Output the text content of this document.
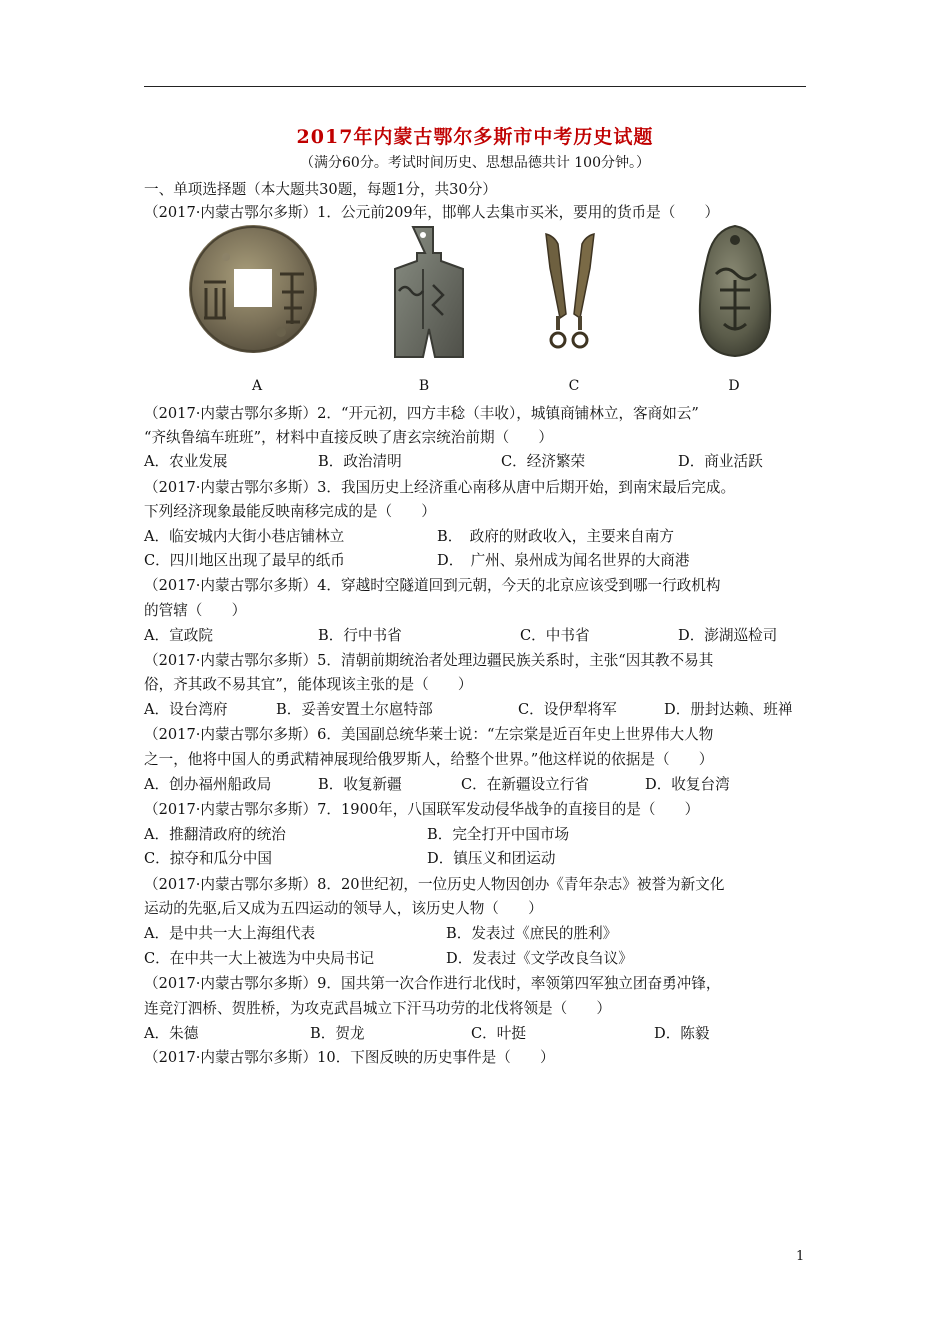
2017年内蒙古鄂尔多斯市中考历史试题
（满分60分。考试时间历史、思想品德共计 100分钟。）
一、单项选择题（本大题共30题，每题1分，共30分）
（2017·内蒙古鄂尔多斯）1．公元前209年，邯郸人去集市买米，要用的货币是（　　）
A	B	C	D
（2017·内蒙古鄂尔多斯）2．“开元初，四方丰稔（丰收），城镇商铺林立，客商如云”
“齐纨鲁缟车班班”，材料中直接反映了唐玄宗统治前期（　　）
A．农业发展	B．政治清明	C．经济繁荣	D．商业活跃
（2017·内蒙古鄂尔多斯）3．我国历史上经济重心南移从唐中后期开始，到南宋最后完成。
下列经济现象最能反映南移完成的是（　　）
A．临安城内大街小巷店铺林立	B．　政府的财政收入，主要来自南方
C．四川地区出现了最早的纸币	D．　广州、泉州成为闻名世界的大商港
（2017·内蒙古鄂尔多斯）4．穿越时空隧道回到元朝，今天的北京应该受到哪一行政机构
的管辖（　　）
A．宣政院	B．行中书省	C．中书省	D．澎湖巡检司
（2017·内蒙古鄂尔多斯）5．清朝前期统治者处理边疆民族关系时，主张“因其教不易其
俗，齐其政不易其宜”，能体现该主张的是（　　）
A．设台湾府	B．妥善安置土尔扈特部	C．设伊犁将军	D．册封达赖、班禅
（2017·内蒙古鄂尔多斯）6．美国副总统华莱士说：“左宗棠是近百年史上世界伟大人物
之一，他将中国人的勇武精神展现给俄罗斯人，给整个世界。”他这样说的依据是（　　）
A．创办福州船政局	B．收复新疆	C．在新疆设立行省	D．收复台湾
（2017·内蒙古鄂尔多斯）7．1900年，八国联军发动侵华战争的直接目的是（　　）
A．推翻清政府的统治	B．完全打开中国市场
C．掠夺和瓜分中国	D．镇压义和团运动
（2017·内蒙古鄂尔多斯）8．20世纪初，一位历史人物因创办《青年杂志》被誉为新文化
运动的先驱,后又成为五四运动的领导人，该历史人物（　　）
A．是中共一大上海组代表	B．发表过《庶民的胜利》
C．在中共一大上被选为中央局书记	D．发表过《文学改良刍议》
（2017·内蒙古鄂尔多斯）9．国共第一次合作进行北伐时，率领第四军独立团奋勇冲锋，
连竞汀泗桥、贺胜桥，为攻克武昌城立下汗马功劳的北伐将领是（　　）
A．朱德	B．贺龙	C．叶挺	D．陈毅
（2017·内蒙古鄂尔多斯）10．下图反映的历史事件是（　　）
1
